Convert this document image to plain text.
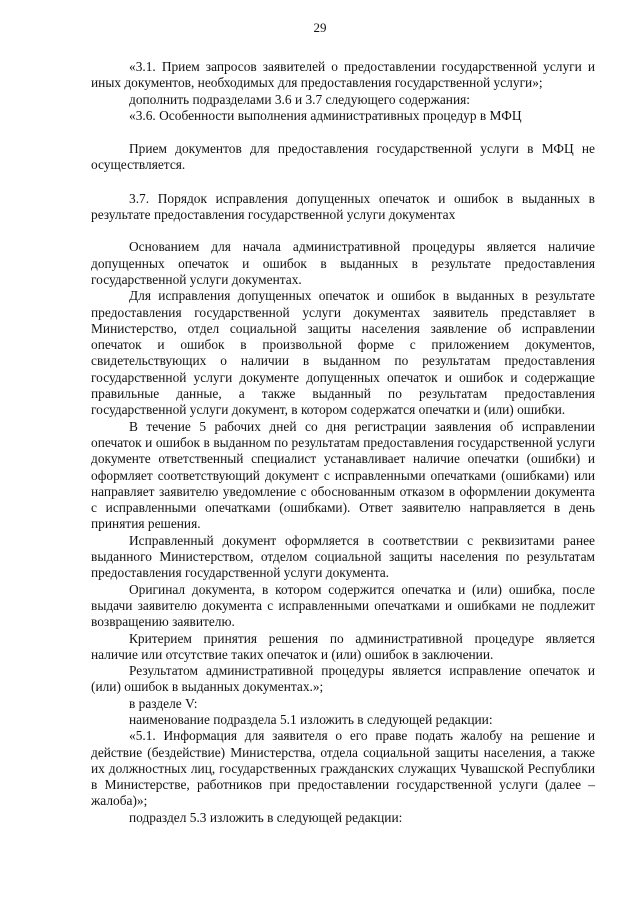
29

«3.1. Прием запросов заявителей о предоставлении государственной услуги и иных документов, необходимых для предоставления государственной услуги»;

дополнить подразделами 3.6 и 3.7 следующего содержания:

«3.6. Особенности выполнения административных процедур в МФЦ

Прием документов для предоставления государственной услуги в МФЦ не осуществляется.

3.7. Порядок исправления допущенных опечаток и ошибок в выданных в результате предоставления государственной услуги документах

Основанием для начала административной процедуры является наличие допущенных опечаток и ошибок в выданных в результате предоставления государственной услуги документах.

Для исправления допущенных опечаток и ошибок в выданных в результате предоставления государственной услуги документах заявитель представляет в Министерство, отдел социальной защиты населения заявление об исправлении опечаток и ошибок в произвольной форме с приложением документов, свидетельствующих о наличии в выданном по результатам предоставления государственной услуги документе допущенных опечаток и ошибок и содержащие правильные данные, а также выданный по результатам предоставления государственной услуги документ, в котором содержатся опечатки и (или) ошибки.

В течение 5 рабочих дней со дня регистрации заявления об исправлении опечаток и ошибок в выданном по результатам предоставления государственной услуги документе ответственный специалист устанавливает наличие опечатки (ошибки) и оформляет соответствующий документ с исправленными опечатками (ошибками) или направляет заявителю уведомление с обоснованным отказом в оформлении документа с исправленными опечатками (ошибками). Ответ заявителю направляется в день принятия решения.

Исправленный документ оформляется в соответствии с реквизитами ранее выданного Министерством, отделом социальной защиты населения по результатам предоставления государственной услуги документа.

Оригинал документа, в котором содержится опечатка и (или) ошибка, после выдачи заявителю документа с исправленными опечатками и ошибками не подлежит возвращению заявителю.

Критерием принятия решения по административной процедуре является наличие или отсутствие таких опечаток и (или) ошибок в заключении.

Результатом административной процедуры является исправление опечаток и (или) ошибок в выданных документах.»;

в разделе V:

наименование подраздела 5.1 изложить в следующей редакции:

«5.1. Информация для заявителя о его праве подать жалобу на решение и действие (бездействие) Министерства, отдела социальной защиты населения, а также их должностных лиц, государственных гражданских служащих Чувашской Республики в Министерстве, работников при предоставлении государственной услуги (далее – жалоба)»;

подраздел 5.3 изложить в следующей редакции:
